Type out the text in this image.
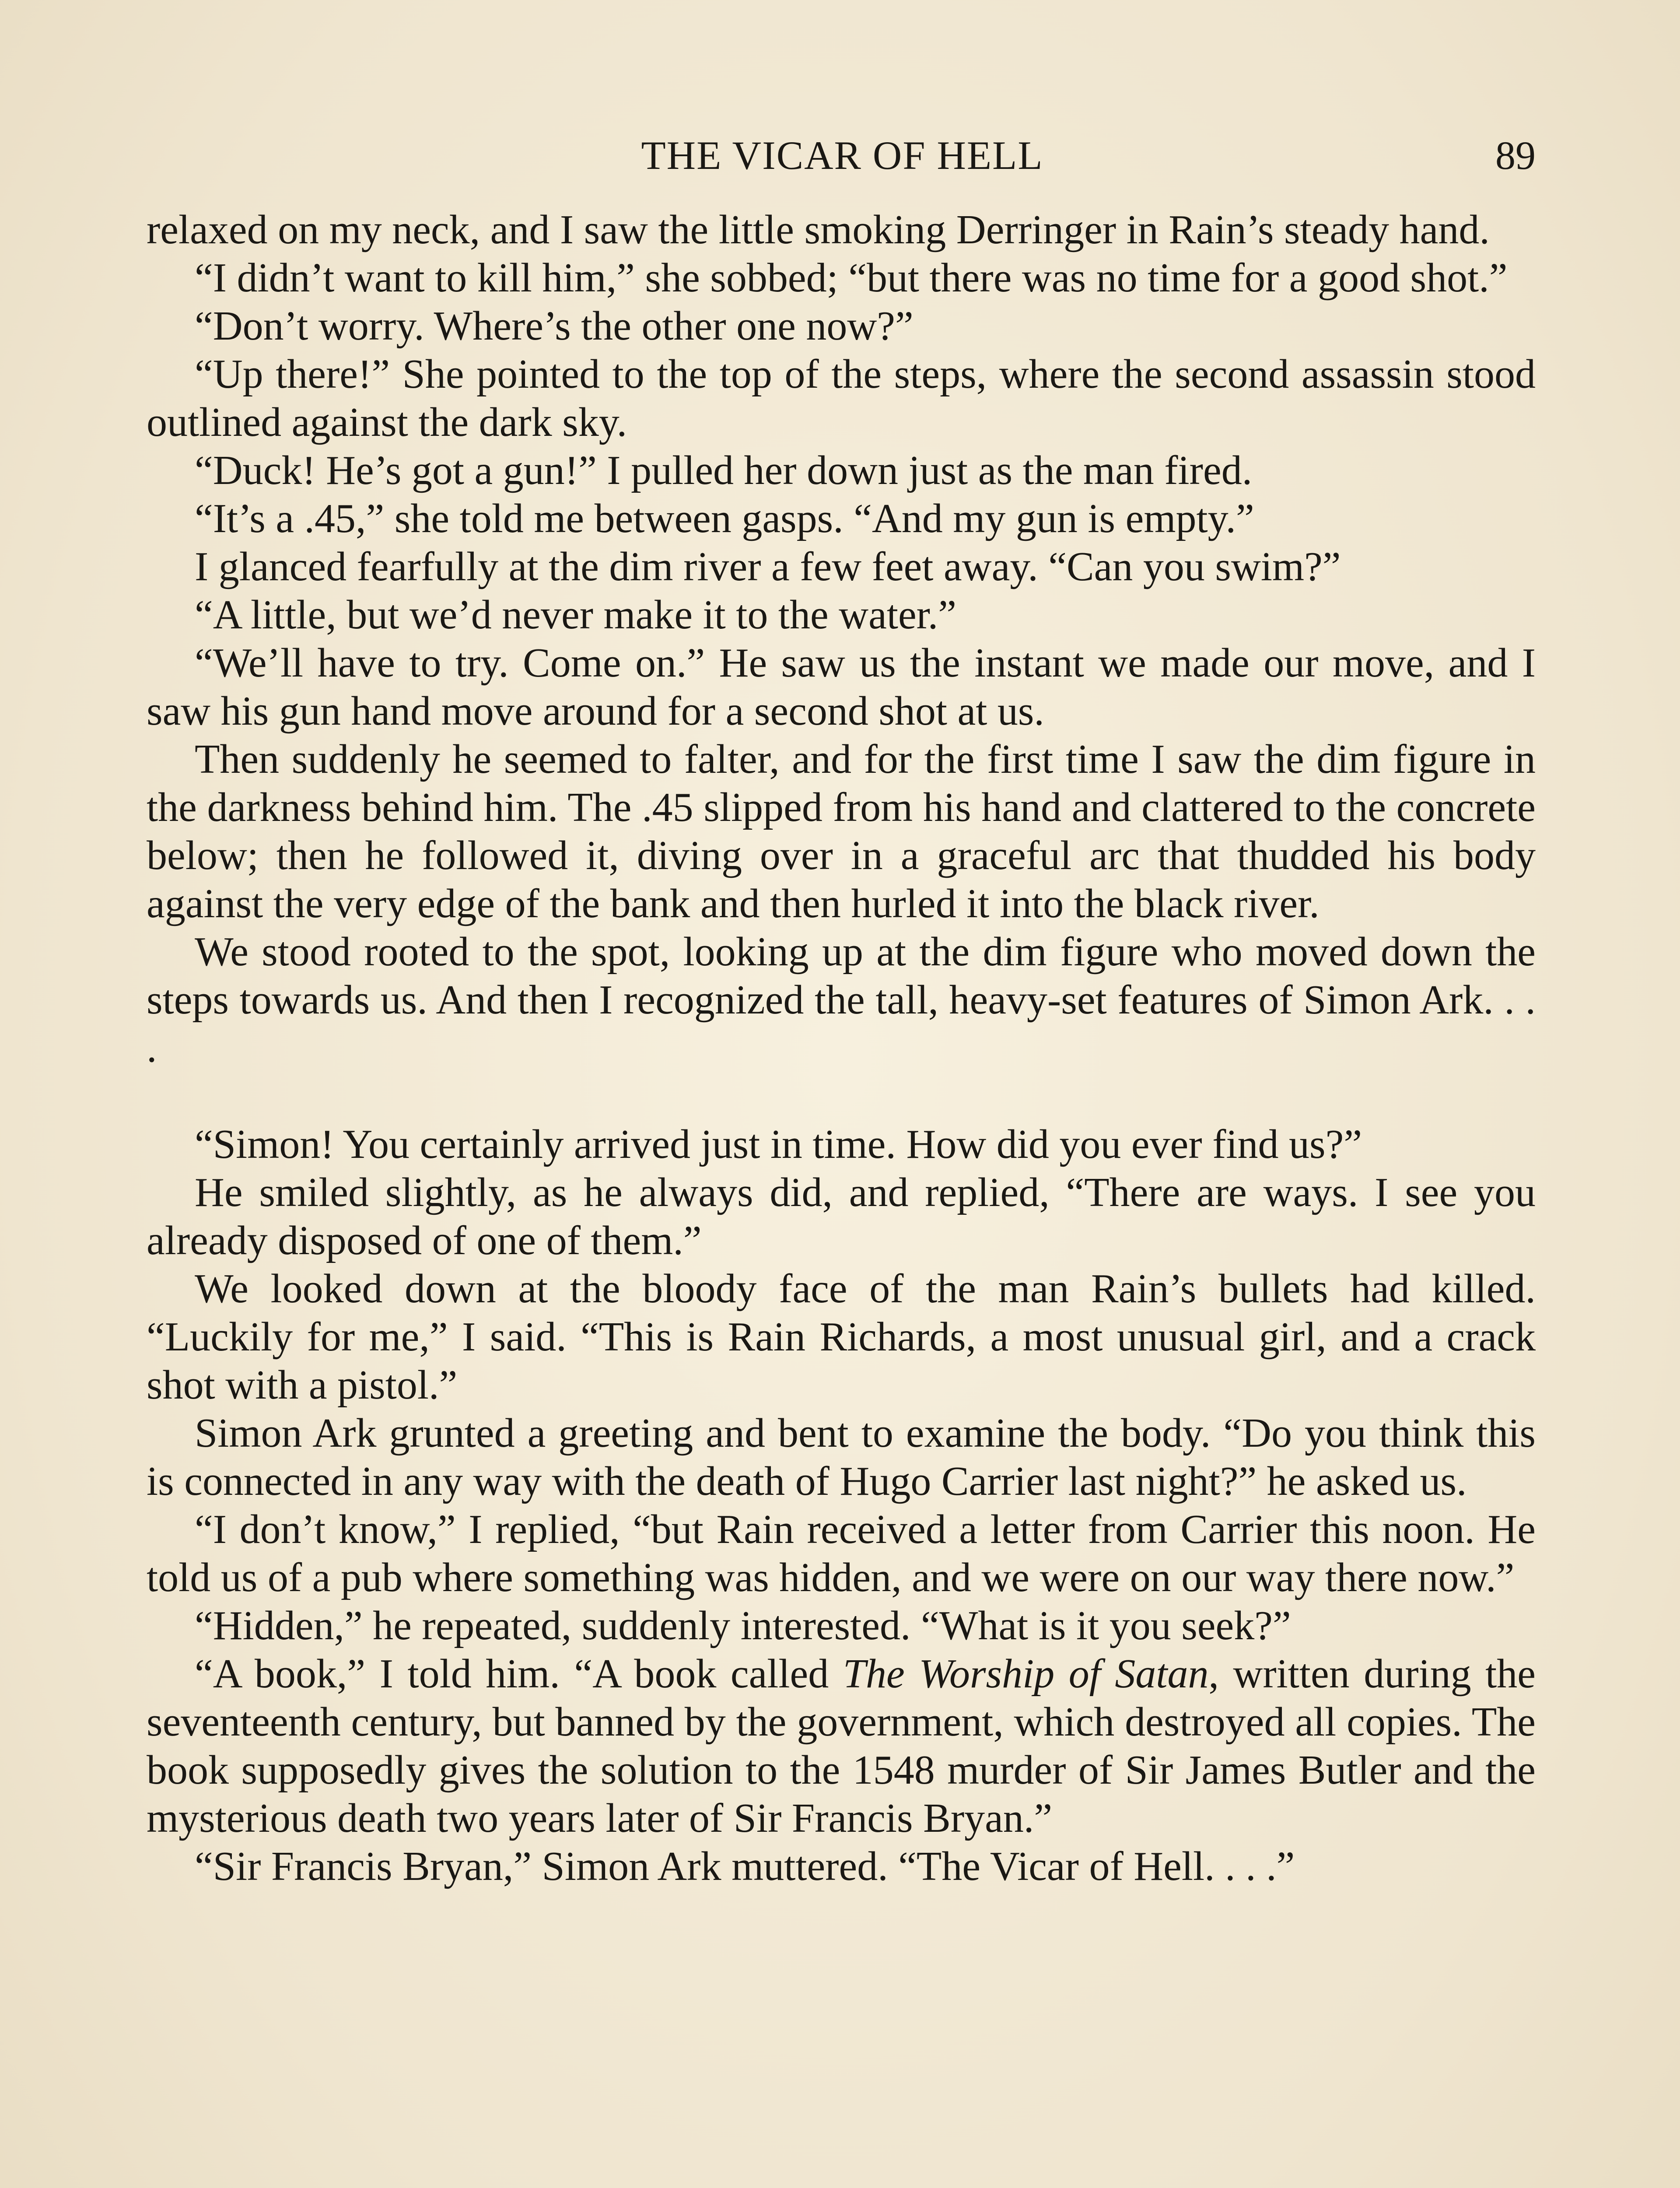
THE VICAR OF HELL	89

relaxed on my neck, and I saw the little smoking Derringer in Rain’s steady hand.

“I didn’t want to kill him,” she sobbed; “but there was no time for a good shot.”

“Don’t worry. Where’s the other one now?”

“Up there!” She pointed to the top of the steps, where the second assassin stood outlined against the dark sky.

“Duck! He’s got a gun!” I pulled her down just as the man fired.

“It’s a .45,” she told me between gasps. “And my gun is empty.”

I glanced fearfully at the dim river a few feet away. “Can you swim?”

“A little, but we’d never make it to the water.”

“We’ll have to try. Come on.” He saw us the instant we made our move, and I saw his gun hand move around for a second shot at us.

Then suddenly he seemed to falter, and for the first time I saw the dim figure in the darkness behind him. The .45 slipped from his hand and clattered to the concrete below; then he followed it, diving over in a graceful arc that thudded his body against the very edge of the bank and then hurled it into the black river.

We stood rooted to the spot, looking up at the dim figure who moved down the steps towards us. And then I recognized the tall, heavy-set features of Simon Ark. . . .

“Simon! You certainly arrived just in time. How did you ever find us?”

He smiled slightly, as he always did, and replied, “There are ways. I see you already disposed of one of them.”

We looked down at the bloody face of the man Rain’s bullets had killed. “Luckily for me,” I said. “This is Rain Richards, a most unusual girl, and a crack shot with a pistol.”

Simon Ark grunted a greeting and bent to examine the body. “Do you think this is connected in any way with the death of Hugo Carrier last night?” he asked us.

“I don’t know,” I replied, “but Rain received a letter from Carrier this noon. He told us of a pub where something was hidden, and we were on our way there now.”

“Hidden,” he repeated, suddenly interested. “What is it you seek?”

“A book,” I told him. “A book called The Worship of Satan, written during the seventeenth century, but banned by the government, which destroyed all copies. The book supposedly gives the solution to the 1548 murder of Sir James Butler and the mysterious death two years later of Sir Francis Bryan.”

“Sir Francis Bryan,” Simon Ark muttered. “The Vicar of Hell. . . .”
